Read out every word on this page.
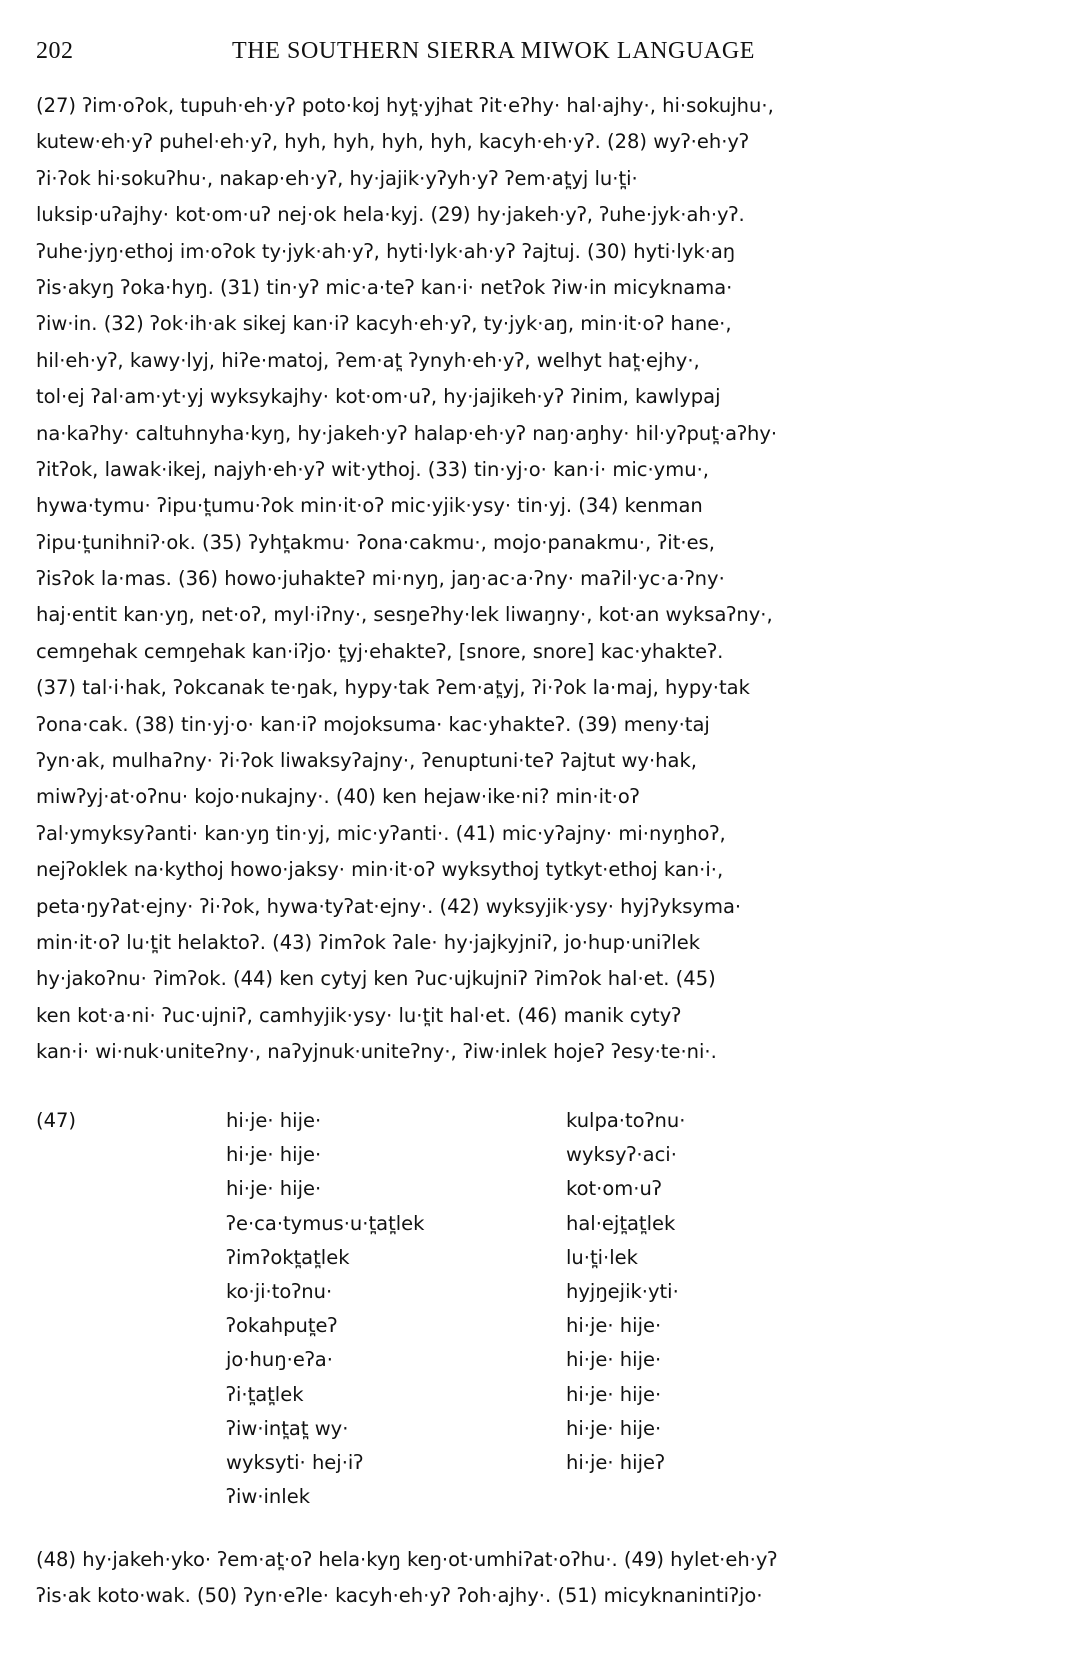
202	THE SOUTHERN SIERRA MIWOK LANGUAGE
(27) ʔim·oʔok, tupuh·eh·yʔ poto·koj hyt̪·yjhat ʔit·eʔhy· hal·ajhy·, hi·sokujhu·,
kutew·eh·yʔ puhel·eh·yʔ, hyh, hyh, hyh, hyh, kacyh·eh·yʔ. (28) wyʔ·eh·yʔ
ʔi·ʔok hi·sokuʔhu·, nakap·eh·yʔ, hy·jajik·yʔyh·yʔ ʔem·at̪yj lu·t̪i·
luksip·uʔajhy· kot·om·uʔ nej·ok hela·kyj. (29) hy·jakeh·yʔ, ʔuhe·jyk·ah·yʔ.
ʔuhe·jyŋ·ethoj im·oʔok ty·jyk·ah·yʔ, hyti·lyk·ah·yʔ ʔajtuj. (30) hyti·lyk·aŋ
ʔis·akyŋ ʔoka·hyŋ. (31) tin·yʔ mic·a·teʔ kan·i· netʔok ʔiw·in micyknama·
ʔiw·in. (32) ʔok·ih·ak sikej kan·iʔ kacyh·eh·yʔ, ty·jyk·aŋ, min·it·oʔ hane·,
hil·eh·yʔ, kawy·lyj, hiʔe·matoj, ʔem·at̪ ʔynyh·eh·yʔ, welhyt hat̪·ejhy·,
tol·ej ʔal·am·yt·yj wyksykajhy· kot·om·uʔ, hy·jajikeh·yʔ ʔinim, kawlypaj
na·kaʔhy· caltuhnyha·kyŋ, hy·jakeh·yʔ halap·eh·yʔ naŋ·aŋhy· hil·yʔput̪·aʔhy·
ʔitʔok, lawak·ikej, najyh·eh·yʔ wit·ythoj. (33) tin·yj·o· kan·i· mic·ymu·,
hywa·tymu· ʔipu·t̪umu·ʔok min·it·oʔ mic·yjik·ysy· tin·yj. (34) kenman
ʔipu·t̪unihniʔ·ok. (35) ʔyht̪akmu· ʔona·cakmu·, mojo·panakmu·, ʔit·es,
ʔisʔok la·mas. (36) howo·juhakteʔ mi·nyŋ, jaŋ·ac·a·ʔny· maʔil·yc·a·ʔny·
haj·entit kan·yŋ, net·oʔ, myl·iʔny·, sesŋeʔhy·lek liwaŋny·, kot·an wyksaʔny·,
cemŋehak cemŋehak kan·iʔjo· t̪yj·ehakteʔ, [snore, snore] kac·yhakteʔ.
(37) tal·i·hak, ʔokcanak te·ŋak, hypy·tak ʔem·at̪yj, ʔi·ʔok la·maj, hypy·tak
ʔona·cak. (38) tin·yj·o· kan·iʔ mojoksuma· kac·yhakteʔ. (39) meny·taj
ʔyn·ak, mulhaʔny· ʔi·ʔok liwaksyʔajny·, ʔenuptuni·teʔ ʔajtut wy·hak,
miwʔyj·at·oʔnu· kojo·nukajny·. (40) ken hejaw·ike·ni? min·it·oʔ
ʔal·ymyksyʔanti· kan·yŋ tin·yj, mic·yʔanti·. (41) mic·yʔajny· mi·nyŋhoʔ,
nejʔoklek na·kythoj howo·jaksy· min·it·oʔ wyksythoj tytkyt·ethoj kan·i·,
peta·ŋyʔat·ejny· ʔi·ʔok, hywa·tyʔat·ejny·. (42) wyksyjik·ysy· hyjʔyksyma·
min·it·oʔ lu·t̪it helaktoʔ. (43) ʔimʔok ʔale· hy·jajkyjniʔ, jo·hup·uniʔlek
hy·jakoʔnu· ʔimʔok. (44) ken cytyj ken ʔuc·ujkujniʔ ʔimʔok hal·et. (45)
ken kot·a·ni· ʔuc·ujniʔ, camhyjik·ysy· lu·t̪it hal·et. (46) manik cytyʔ
kan·i· wi·nuk·uniteʔny·, naʔyjnuk·uniteʔny·, ʔiw·inlek hojeʔ ʔesy·te·ni·.
(47)	hi·je· hije·
hi·je· hije·
hi·je· hije·
ʔe·ca·tymus·u·t̪at̪lek
ʔimʔokt̪at̪lek
ko·ji·toʔnu·
ʔokahput̪eʔ
jo·huŋ·eʔa·
ʔi·t̪at̪lek
ʔiw·int̪at̪ wy·
wyksyti· hej·iʔ
ʔiw·inlek
kulpa·toʔnu·
wyksyʔ·aci·
kot·om·uʔ
hal·ejt̪at̪lek
lu·t̪i·lek
hyjŋejik·yti·
hi·je· hije·
hi·je· hije·
hi·je· hije·
hi·je· hije·
hi·je· hijeʔ
(48) hy·jakeh·yko· ʔem·at̪·oʔ hela·kyŋ keŋ·ot·umhiʔat·oʔhu·. (49) hylet·eh·yʔ
ʔis·ak koto·wak. (50) ʔyn·eʔle· kacyh·eh·yʔ ʔoh·ajhy·. (51) micyknanintiʔjo·
